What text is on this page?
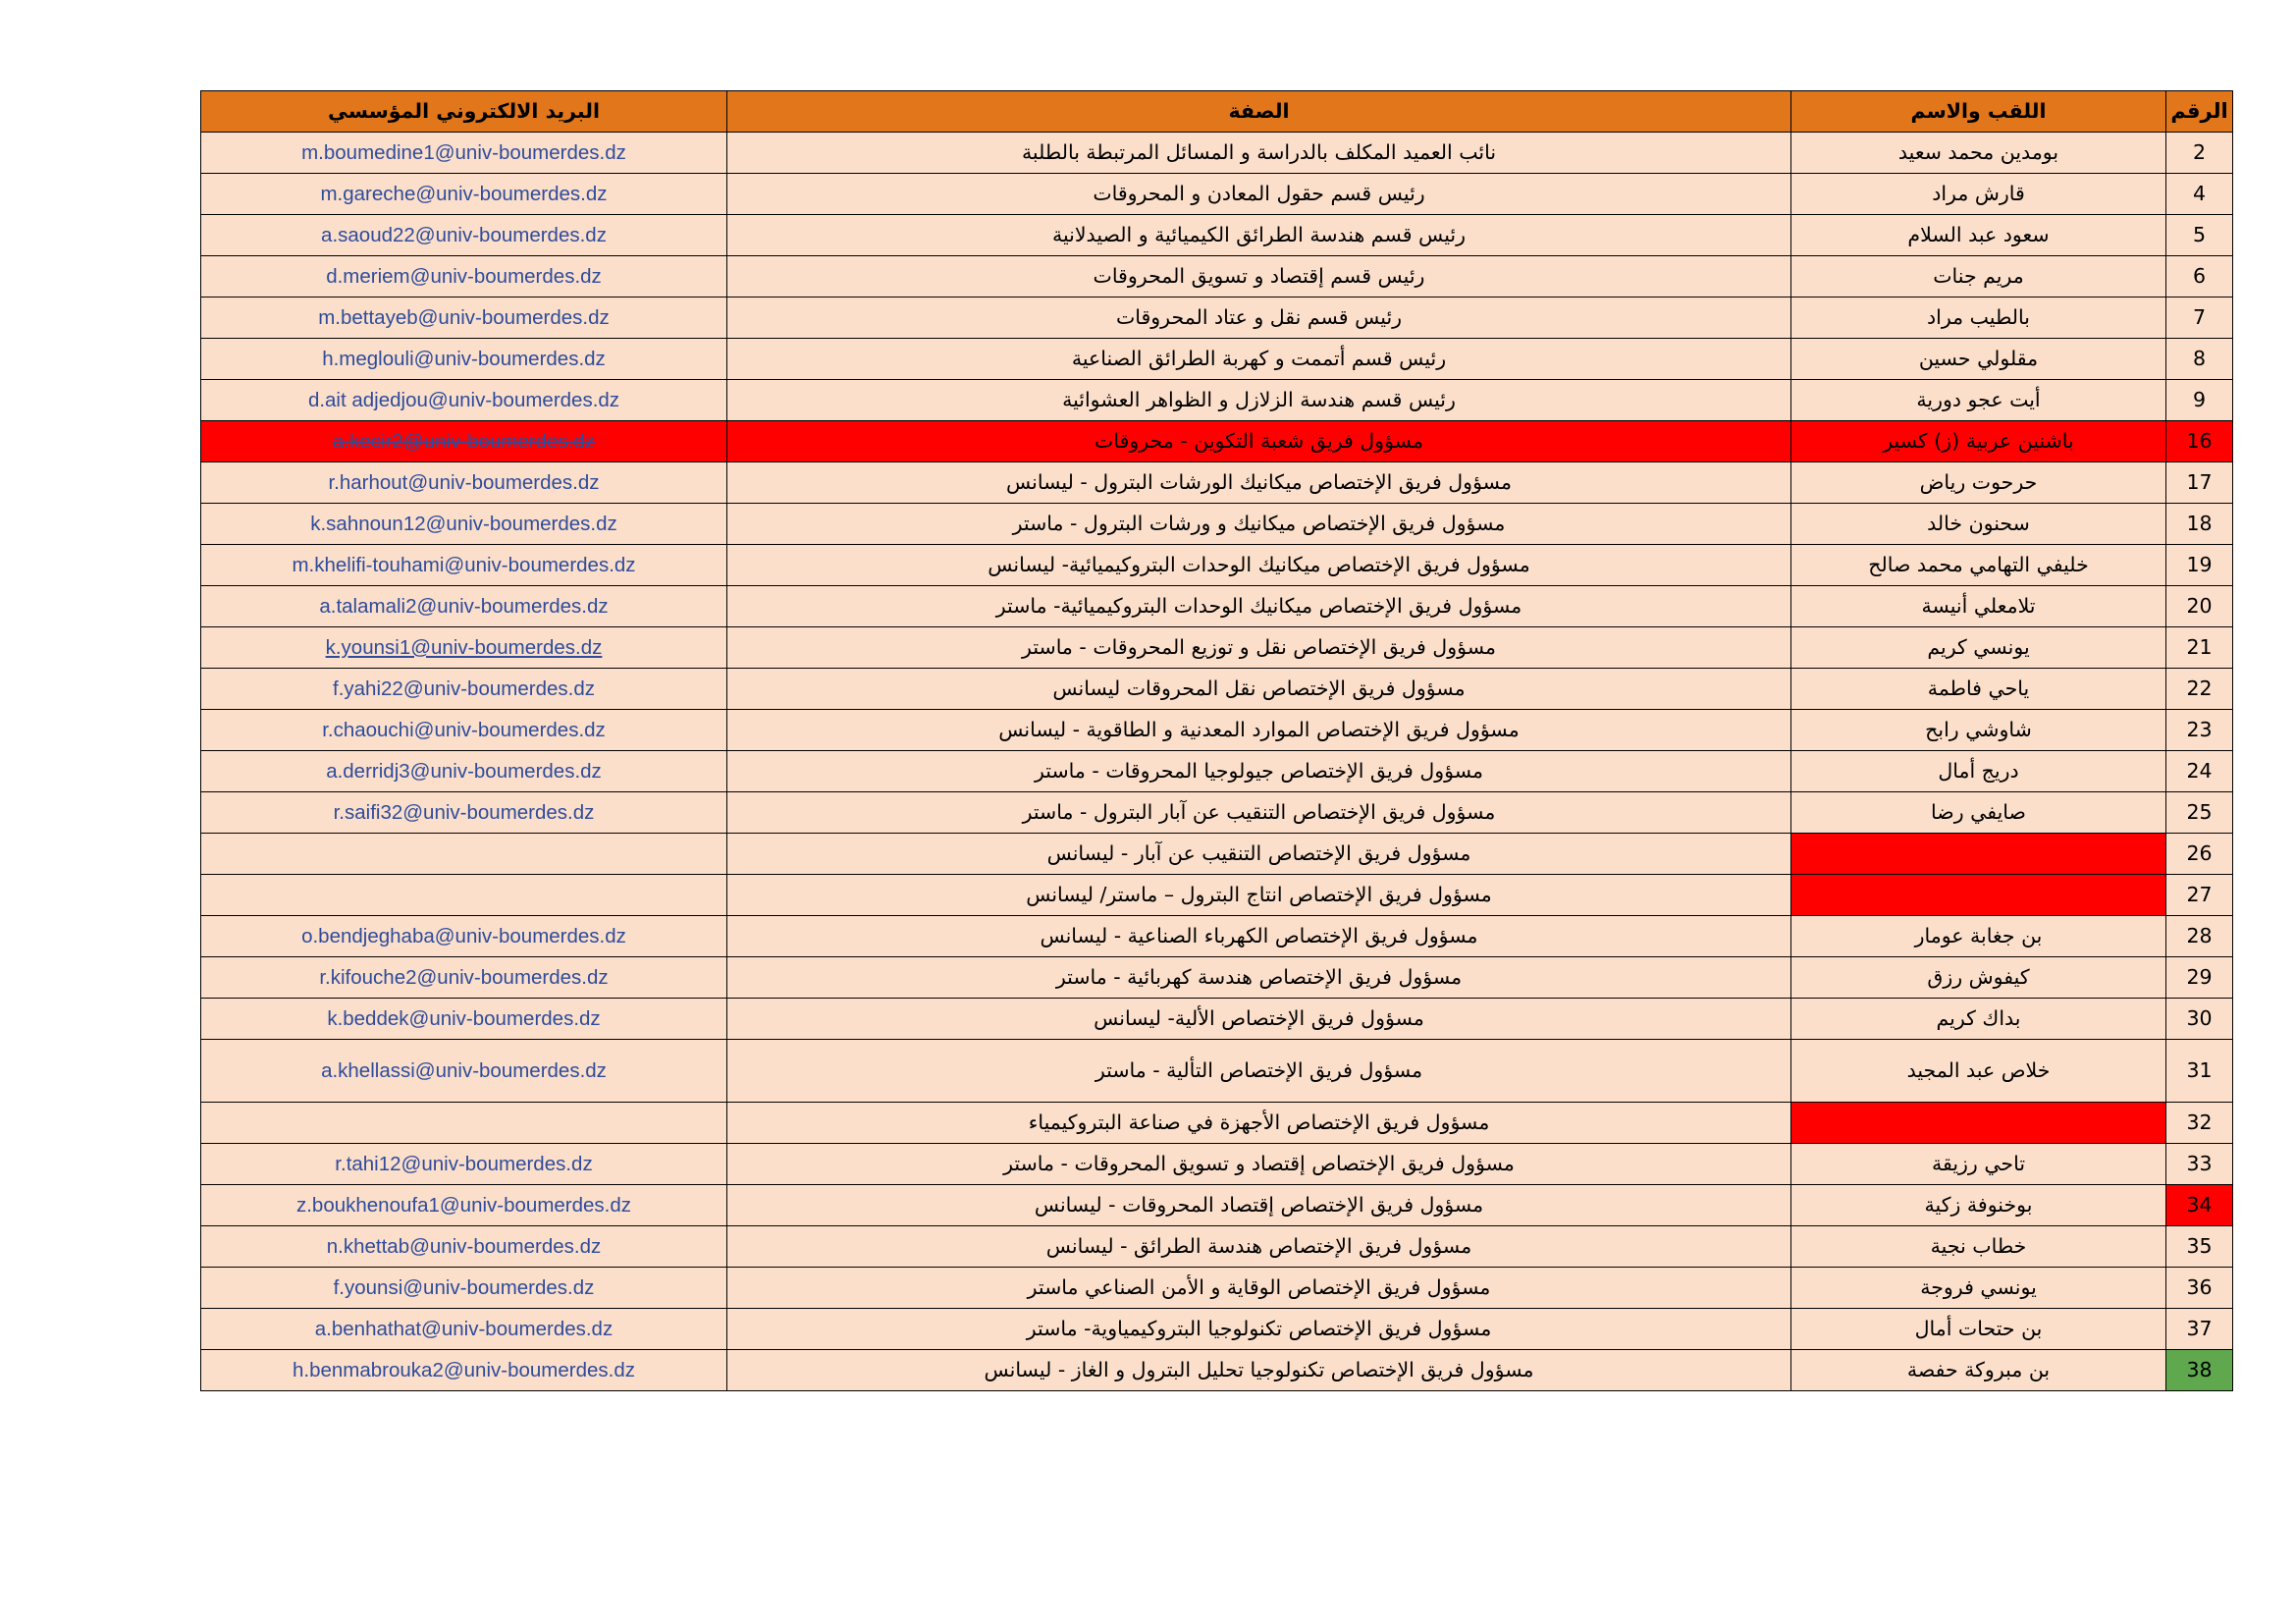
الرقم	اللقب والاسم	الصفة	البريد الالكتروني المؤسسي
2	بومدين محمد سعيد	نائب العميد المكلف بالدراسة و المسائل المرتبطة بالطلبة	m.boumedine1@univ-boumerdes.dz
4	قارش مراد	رئيس قسم حقول المعادن و المحروقات	m.gareche@univ-boumerdes.dz
5	سعود عبد السلام	رئيس قسم هندسة الطرائق الكيميائية و الصيدلانية	a.saoud22@univ-boumerdes.dz
6	مريم جنات	رئيس قسم إقتصاد و تسويق المحروقات	d.meriem@univ-boumerdes.dz
7	بالطيب مراد	رئيس قسم نقل و عتاد المحروقات	m.bettayeb@univ-boumerdes.dz
8	مقلولي حسين	رئيس قسم أتممت و كهربة الطرائق الصناعية	h.meglouli@univ-boumerdes.dz
9	أيت عجو دورية	رئيس قسم هندسة الزلازل و الظواهر العشوائية	d.ait adjedjou@univ-boumerdes.dz
16	باشنين عربية (ز) كسير	مسؤول فريق شعبة التكوين - محروقات	a.kecir2@univ-boumerdes.dz
17	حرحوت رياض	مسؤول فريق الإختصاص ميكانيك الورشات البترول - ليسانس	r.harhout@univ-boumerdes.dz
18	سحنون خالد	مسؤول فريق الإختصاص ميكانيك و ورشات البترول - ماستر	k.sahnoun12@univ-boumerdes.dz
19	خليفي التهامي محمد صالح	مسؤول فريق الإختصاص ميكانيك الوحدات البتروكيميائية- ليسانس	m.khelifi-touhami@univ-boumerdes.dz
20	تلامعلي أنيسة	مسؤول فريق الإختصاص ميكانيك الوحدات البتروكيميائية- ماستر	a.talamali2@univ-boumerdes.dz
21	يونسي كريم	مسؤول فريق الإختصاص نقل و توزيع المحروقات - ماستر	k.younsi1@univ-boumerdes.dz
22	ياحي فاطمة	مسؤول فريق الإختصاص نقل المحروقات ليسانس	f.yahi22@univ-boumerdes.dz
23	شاوشي رابح	مسؤول فريق الإختصاص الموارد المعدنية و الطاقوية - ليسانس	r.chaouchi@univ-boumerdes.dz
24	دريج أمال	مسؤول فريق الإختصاص جيولوجيا المحروقات - ماستر	a.derridj3@univ-boumerdes.dz
25	صايفي رضا	مسؤول فريق الإختصاص التنقيب عن آبار البترول - ماستر	r.saifi32@univ-boumerdes.dz
26		مسؤول فريق الإختصاص التنقيب عن آبار - ليسانس	
27		مسؤول فريق الإختصاص انتاج البترول – ماستر/ ليسانس	
28	بن جغابة عومار	مسؤول فريق الإختصاص الكهرباء الصناعية - ليسانس	o.bendjeghaba@univ-boumerdes.dz
29	كيفوش رزق	مسؤول فريق الإختصاص هندسة كهربائية - ماستر	r.kifouche2@univ-boumerdes.dz
30	بداك كريم	مسؤول فريق الإختصاص الألية- ليسانس	k.beddek@univ-boumerdes.dz
31	خلاص عبد المجيد	مسؤول فريق الإختصاص التألية - ماستر	a.khellassi@univ-boumerdes.dz
32		مسؤول فريق الإختصاص الأجهزة في صناعة البتروكيمياء	
33	تاحي رزيقة	مسؤول فريق الإختصاص إقتصاد و تسويق المحروقات - ماستر	r.tahi12@univ-boumerdes.dz
34	بوخنوفة زكية	مسؤول فريق الإختصاص إقتصاد المحروقات - ليسانس	z.boukhenoufa1@univ-boumerdes.dz
35	خطاب نجية	مسؤول فريق الإختصاص هندسة الطرائق - ليسانس	n.khettab@univ-boumerdes.dz
36	يونسي فروجة	مسؤول فريق الإختصاص الوقاية و الأمن الصناعي ماستر	f.younsi@univ-boumerdes.dz
37	بن حتحات أمال	مسؤول فريق الإختصاص تكنولوجيا البتروكيمياوية- ماستر	a.benhathat@univ-boumerdes.dz
38	بن مبروكة حفصة	مسؤول فريق الإختصاص تكنولوجيا تحليل البترول و الغاز - ليسانس	h.benmabrouka2@univ-boumerdes.dz
